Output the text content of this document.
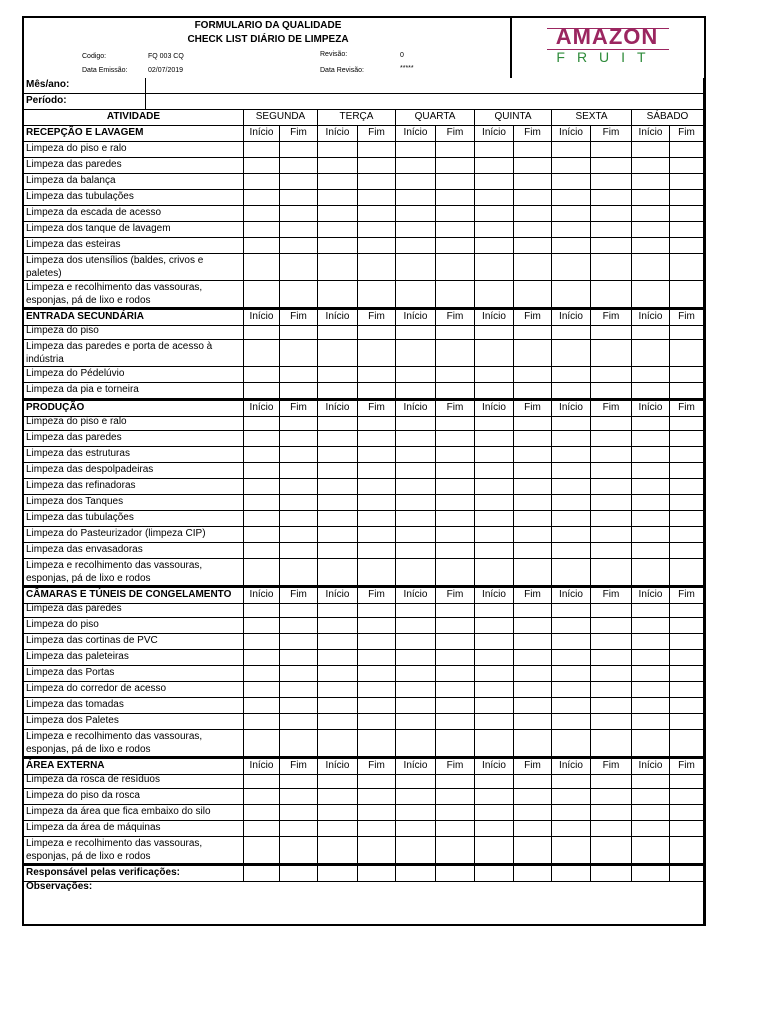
FORMULARIO DA QUALIDADE
CHECK LIST DIÁRIO DE LIMPEZA
Codigo:	FQ 003 CQ	Revisão:	0
Data Emissão:	02/07/2019	Data Revisão:	*****
AMAZON
FRUIT
Mês/ano:
Período:
ATIVIDADE	SEGUNDA	TERÇA	QUARTA	QUINTA	SEXTA	SÁBADO
RECEPÇÃO E LAVAGEM	Início	Fim	Início	Fim	Início	Fim	Início	Fim	Início	Fim	Início	Fim
Limpeza do piso e ralo
Limpeza das paredes
Limpeza da balança
Limpeza das tubulações
Limpeza da escada de acesso
Limpeza dos tanque de lavagem
Limpeza das esteiras
Limpeza dos utensílios (baldes, crivos e paletes)
Limpeza e recolhimento das vassouras, esponjas, pá de lixo e rodos
ENTRADA SECUNDÁRIA	Início	Fim	Início	Fim	Início	Fim	Início	Fim	Início	Fim	Início	Fim
Limpeza do piso
Limpeza das paredes e porta de acesso à indústria
Limpeza do Pédelúvio
Limpeza da pia e torneira
PRODUÇÃO	Início	Fim	Início	Fim	Início	Fim	Início	Fim	Início	Fim	Início	Fim
Limpeza do piso e ralo
Limpeza das paredes
Limpeza das estruturas
Limpeza das despolpadeiras
Limpeza das refinadoras
Limpeza dos Tanques
Limpeza das tubulações
Limpeza do Pasteurizador (limpeza CIP)
Limpeza das envasadoras
Limpeza e recolhimento das vassouras, esponjas, pá de lixo e rodos
CÂMARAS E TÚNEIS DE CONGELAMENTO	Início	Fim	Início	Fim	Início	Fim	Início	Fim	Início	Fim	Início	Fim
Limpeza das paredes
Limpeza do piso
Limpeza das cortinas de PVC
Limpeza das paleteiras
Limpeza das Portas
Limpeza do corredor de acesso
Limpeza das tomadas
Limpeza dos Paletes
Limpeza e recolhimento das vassouras, esponjas, pá de lixo e rodos
ÁREA EXTERNA	Início	Fim	Início	Fim	Início	Fim	Início	Fim	Início	Fim	Início	Fim
Limpeza da rosca de resíduos
Limpeza do piso da rosca
Limpeza da área que fica embaixo do silo
Limpeza da área de máquinas
Limpeza e recolhimento das vassouras, esponjas, pá de lixo e rodos
Responsável pelas verificações:
Observações:
